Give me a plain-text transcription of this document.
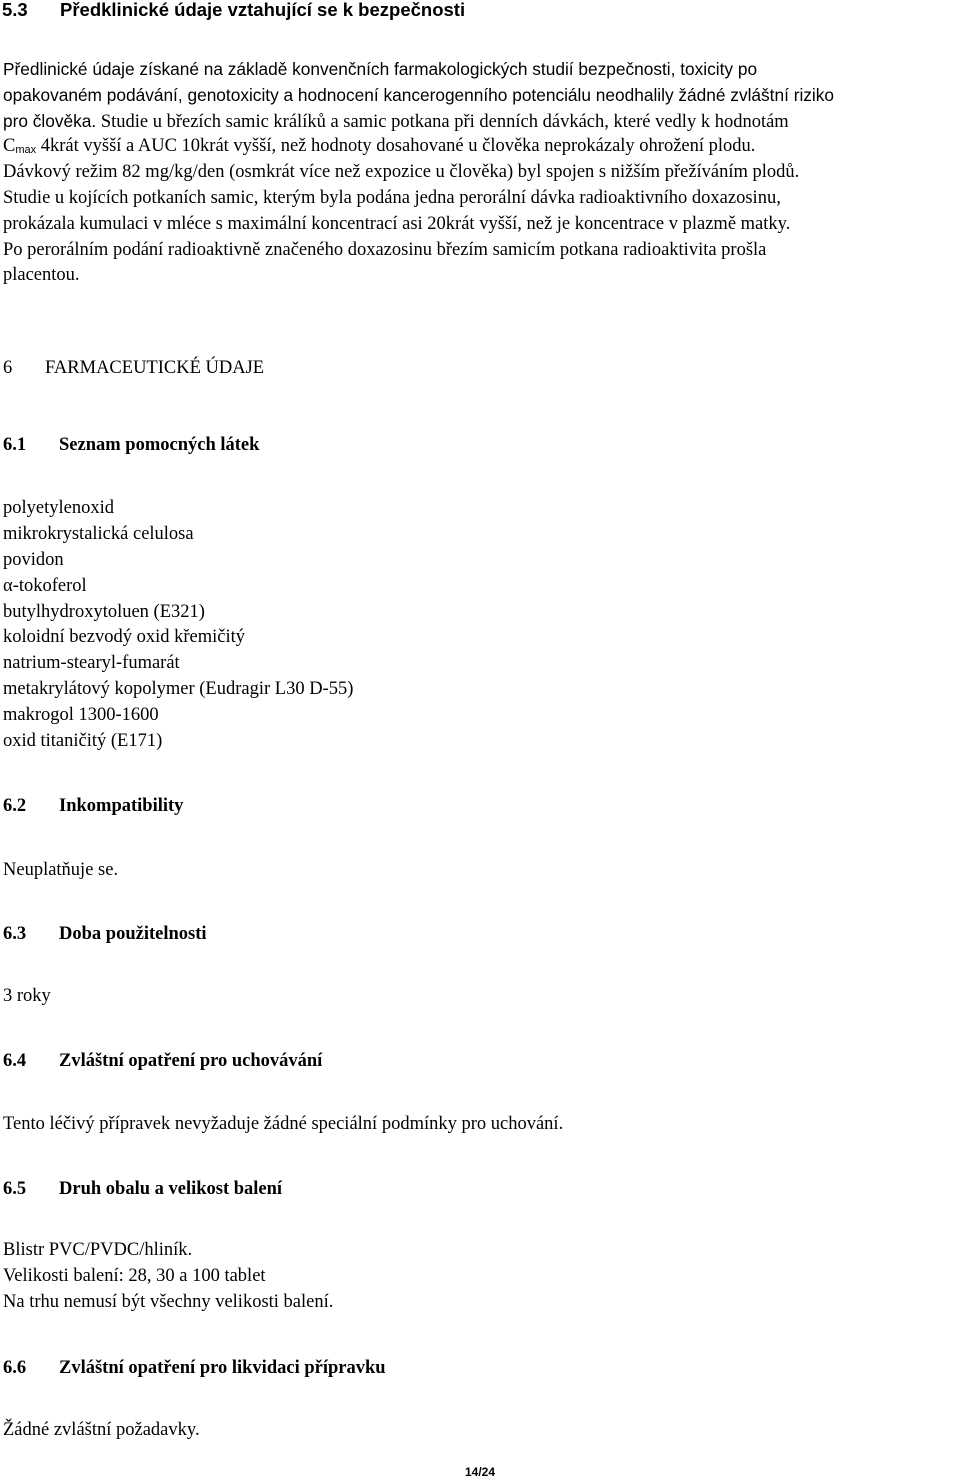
5.3 Předklinické údaje vztahující se k bezpečnosti
Předlinické údaje získané na základě konvenčních farmakologických studií bezpečnosti, toxicity po
opakovaném podávání, genotoxicity a hodnocení kancerogenního potenciálu neodhalily žádné zvláštní riziko
pro člověka. Studie u březích samic králíků a samic potkana při denních dávkách, které vedly k hodnotám
Cmax 4krát vyšší a AUC 10krát vyšší, než hodnoty dosahované u člověka neprokázaly ohrožení plodu.
Dávkový režim 82 mg/kg/den (osmkrát více než expozice u člověka) byl spojen s nižším přežíváním plodů.
Studie u kojících potkaních samic, kterým byla podána jedna perorální dávka radioaktivního doxazosinu,
prokázala kumulaci v mléce s maximální koncentrací asi 20krát vyšší, než je koncentrace v plazmě matky.
Po perorálním podání radioaktivně značeného doxazosinu březím samicím potkana radioaktivita prošla
placentou.
6 FARMACEUTICKÉ ÚDAJE
6.1 Seznam pomocných látek
polyetylenoxid
mikrokrystalická celulosa
povidon
α-tokoferol
butylhydroxytoluen (E321)
koloidní bezvodý oxid křemičitý
natrium-stearyl-fumarát
metakrylátový kopolymer (Eudragir L30 D-55)
makrogol 1300-1600
oxid titaničitý (E171)
6.2 Inkompatibility
Neuplatňuje se.
6.3 Doba použitelnosti
3 roky
6.4 Zvláštní opatření pro uchovávání
Tento léčivý přípravek nevyžaduje žádné speciální podmínky pro uchování.
6.5 Druh obalu a velikost balení
Blistr PVC/PVDC/hliník.
Velikosti balení: 28, 30 a 100 tablet
Na trhu nemusí být všechny velikosti balení.
6.6 Zvláštní opatření pro likvidaci přípravku
Žádné zvláštní požadavky.
14/24
